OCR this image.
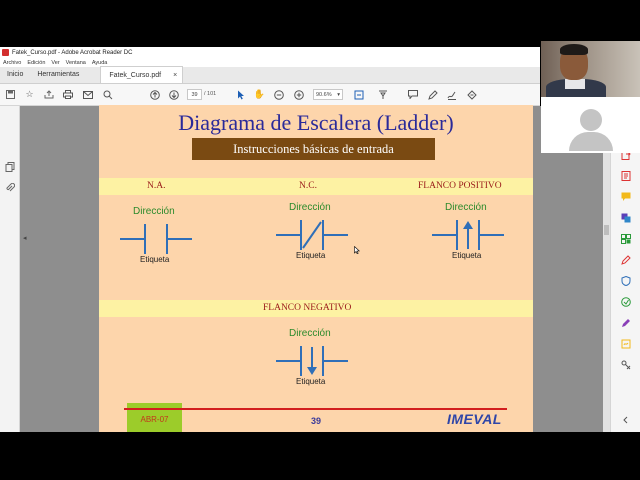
Fatek_Curso.pdf - Adobe Acrobat Reader DC
Archivo Edición Ver Ventana Ayuda
Inicio Herramientas	Fatek_Curso.pdf ×
☆	39	/ 101	✋	90.6% ▾
◂
Diagrama de Escalera (Ladder)
Instrucciones básicas de entrada
N.A.	N.C.	FLANCO POSITIVO
Dirección
Etiqueta
Dirección
Etiqueta
Dirección
Etiqueta
FLANCO NEGATIVO
Dirección
Etiqueta
ABR-07	39	IMEVAL
